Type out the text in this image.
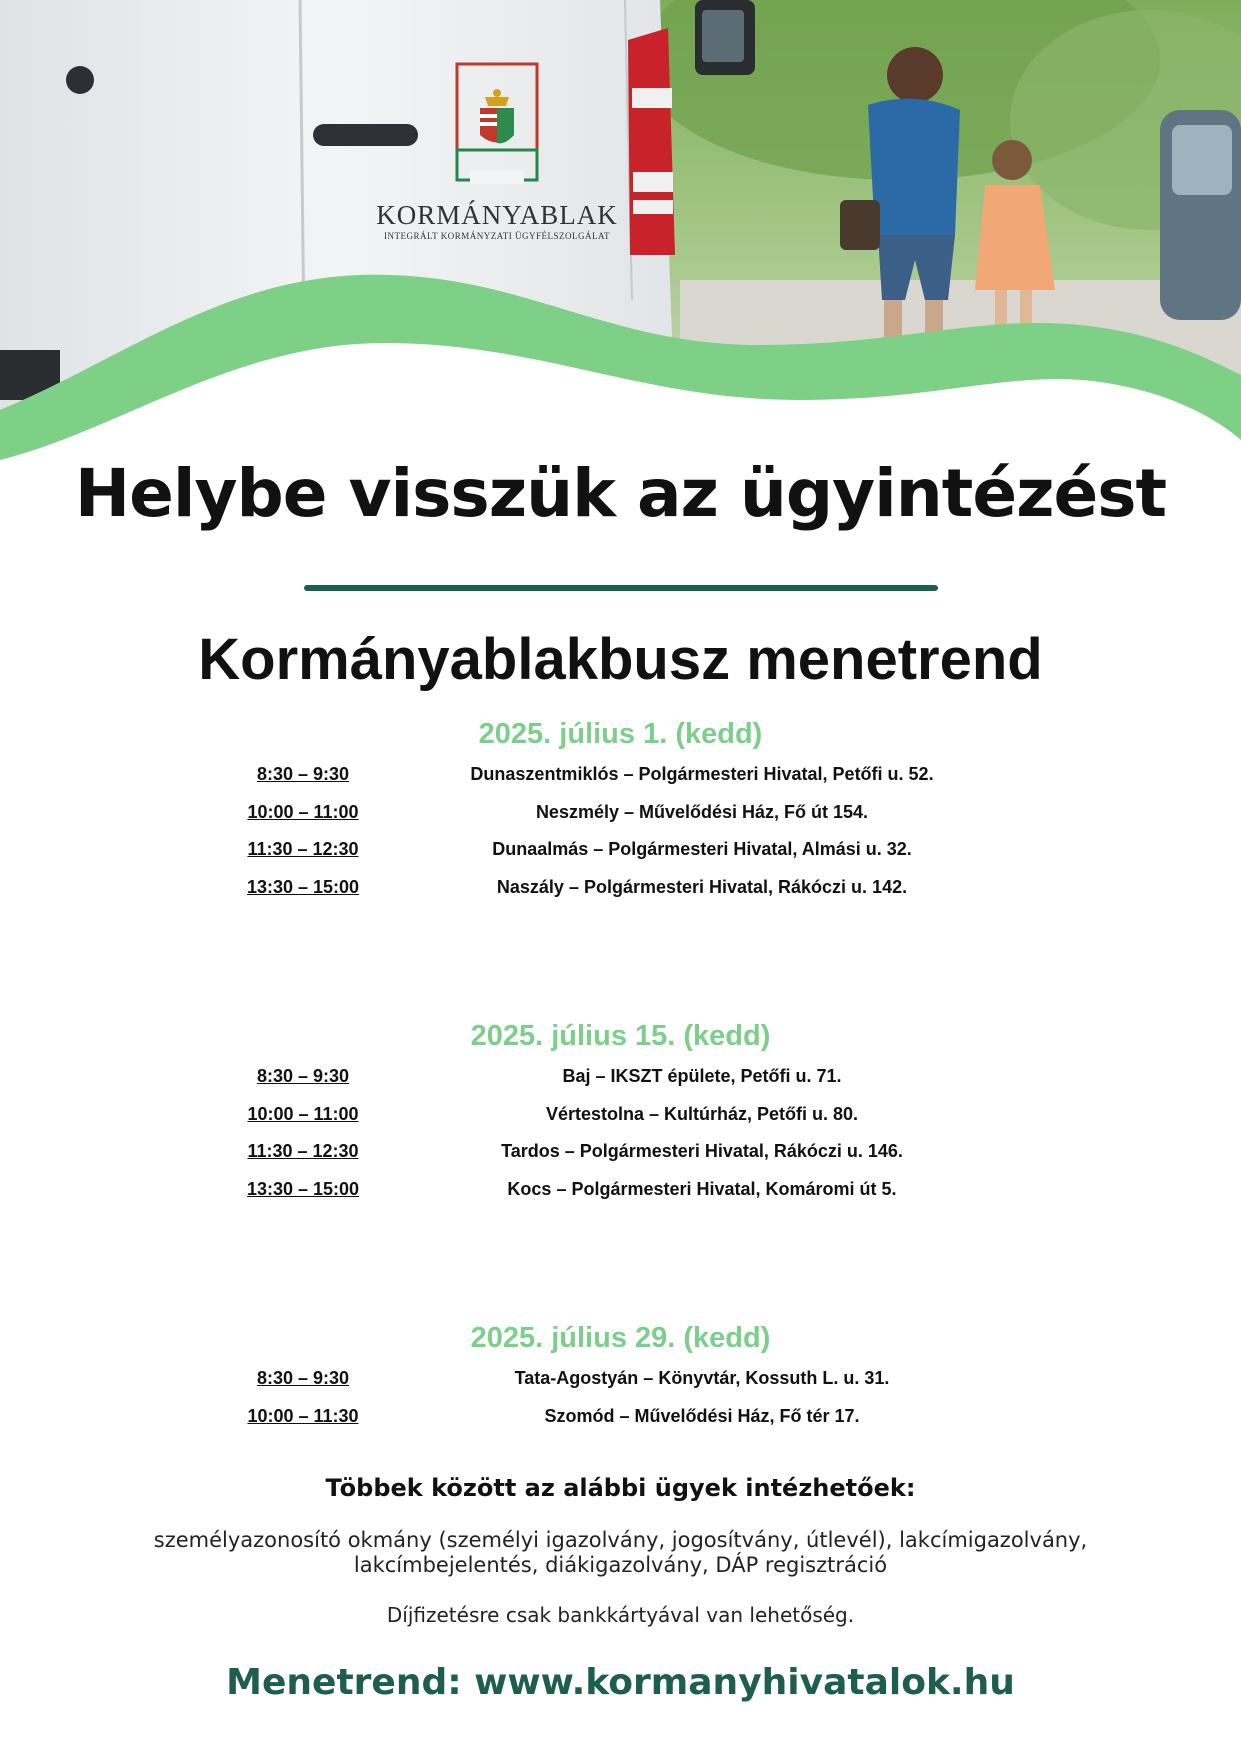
KORMÁNYABLAK
INTEGRÁLT KORMÁNYZATI ÜGYFÉLSZOLGÁLAT
Helybe visszük az ügyintézést
Kormányablakbusz menetrend
2025. július 1. (kedd)
8:30 – 9:30	Dunaszentmiklós – Polgármesteri Hivatal, Petőfi u. 52.
10:00 – 11:00	Neszmély – Művelődési Ház, Fő út 154.
11:30 – 12:30	Dunaalmás – Polgármesteri Hivatal, Almási u. 32.
13:30 – 15:00	Naszály – Polgármesteri Hivatal, Rákóczi u. 142.
2025. július 15. (kedd)
8:30 – 9:30	Baj – IKSZT épülete, Petőfi u. 71.
10:00 – 11:00	Vértestolna – Kultúrház, Petőfi u. 80.
11:30 – 12:30	Tardos – Polgármesteri Hivatal, Rákóczi u. 146.
13:30 – 15:00	Kocs – Polgármesteri Hivatal, Komáromi út 5.
2025. július 29. (kedd)
8:30 – 9:30	Tata-Agostyán – Könyvtár, Kossuth L. u. 31.
10:00 – 11:30	Szomód – Művelődési Ház, Fő tér 17.
Többek között az alábbi ügyek intézhetőek:
személyazonosító okmány (személyi igazolvány, jogosítvány, útlevél), lakcímigazolvány,
lakcímbejelentés, diákigazolvány, DÁP regisztráció
Díjfizetésre csak bankkártyával van lehetőség.
Menetrend: www.kormanyhivatalok.hu
